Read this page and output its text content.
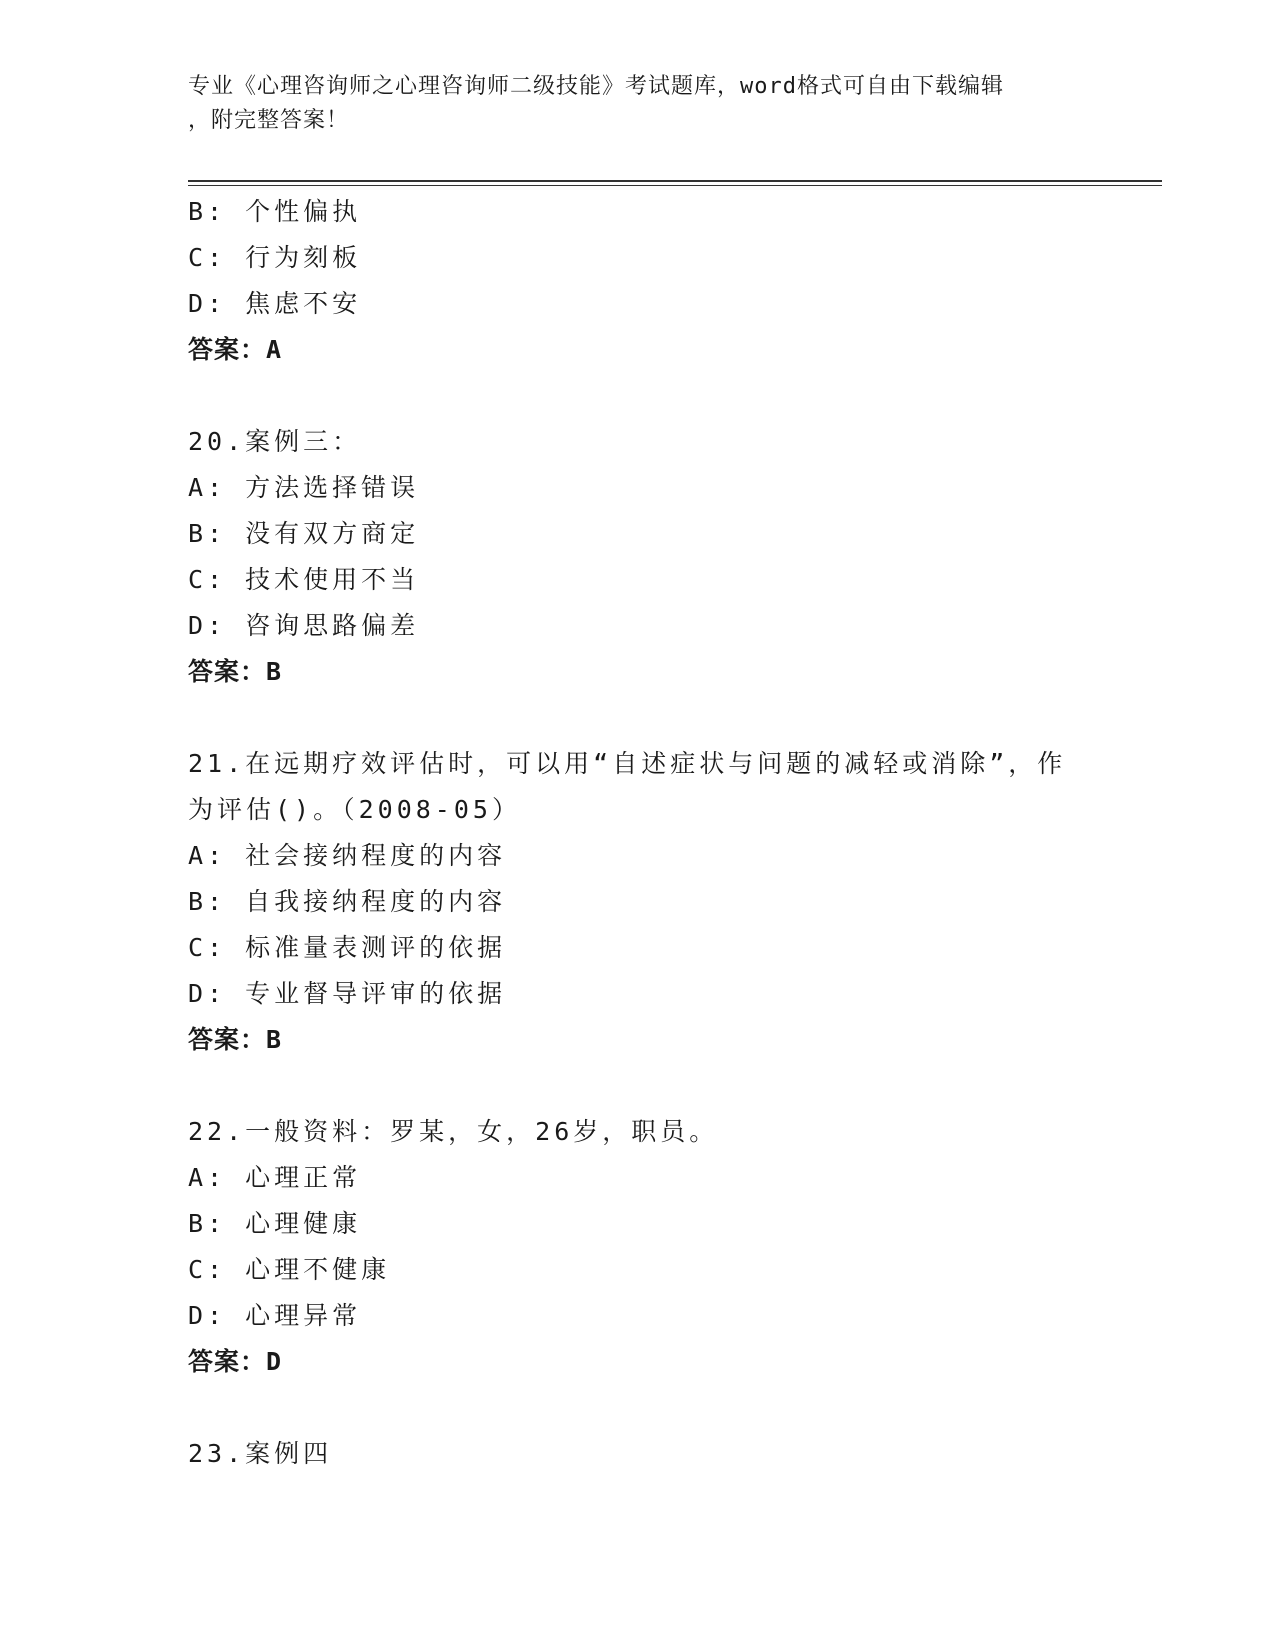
专业《心理咨询师之心理咨询师二级技能》考试题库，word格式可自由下载编辑
，附完整答案！
B: 个性偏执
C: 行为刻板
D: 焦虑不安
答案：A
20.案例三：
A: 方法选择错误
B: 没有双方商定
C: 技术使用不当
D: 咨询思路偏差
答案：B
21.在远期疗效评估时，可以用“自述症状与问题的减轻或消除”，作
为评估()。（2008-05）
A: 社会接纳程度的内容
B: 自我接纳程度的内容
C: 标准量表测评的依据
D: 专业督导评审的依据
答案：B
22.一般资料：罗某，女，26岁，职员。
A: 心理正常
B: 心理健康
C: 心理不健康
D: 心理异常
答案：D
23.案例四
